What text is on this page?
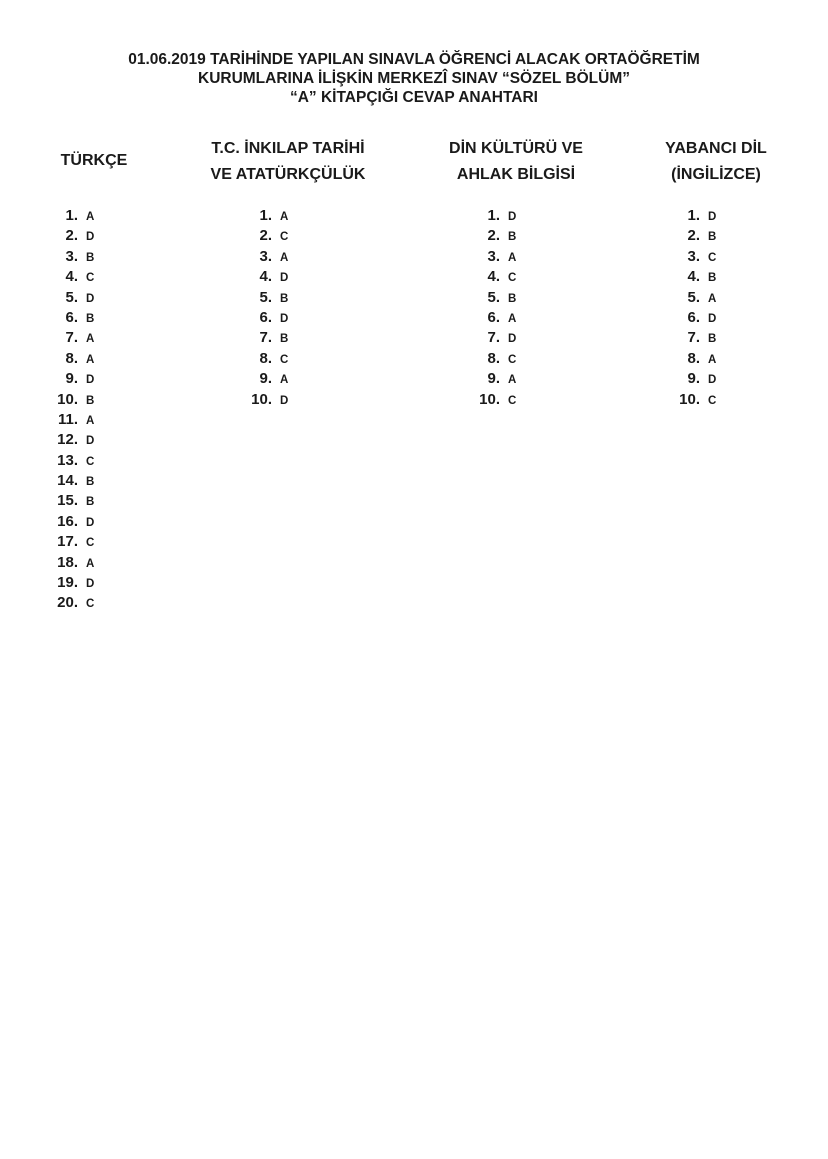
01.06.2019 TARİHİNDE YAPILAN SINAVLA ÖĞRENCİ ALACAK ORTAÖĞRETİM
KURUMLARINA İLİŞKİN MERKEZÎ SINAV “SÖZEL BÖLÜM”
“A” KİTAPÇIĞI CEVAP ANAHTARI
TÜRKÇE
1. A
2. D
3. B
4. C
5. D
6. B
7. A
8. A
9. D
10. B
11. A
12. D
13. C
14. B
15. B
16. D
17. C
18. A
19. D
20. C
T.C. İNKILAP TARİHİ
VE ATATÜRKÇÜLÜK
1. A
2. C
3. A
4. D
5. B
6. D
7. B
8. C
9. A
10. D
DİN KÜLTÜRÜ VE
AHLAK BİLGİSİ
1. D
2. B
3. A
4. C
5. B
6. A
7. D
8. C
9. A
10. C
YABANCI DİL
(İNGİLİZCE)
1. D
2. B
3. C
4. B
5. A
6. D
7. B
8. A
9. D
10. C
